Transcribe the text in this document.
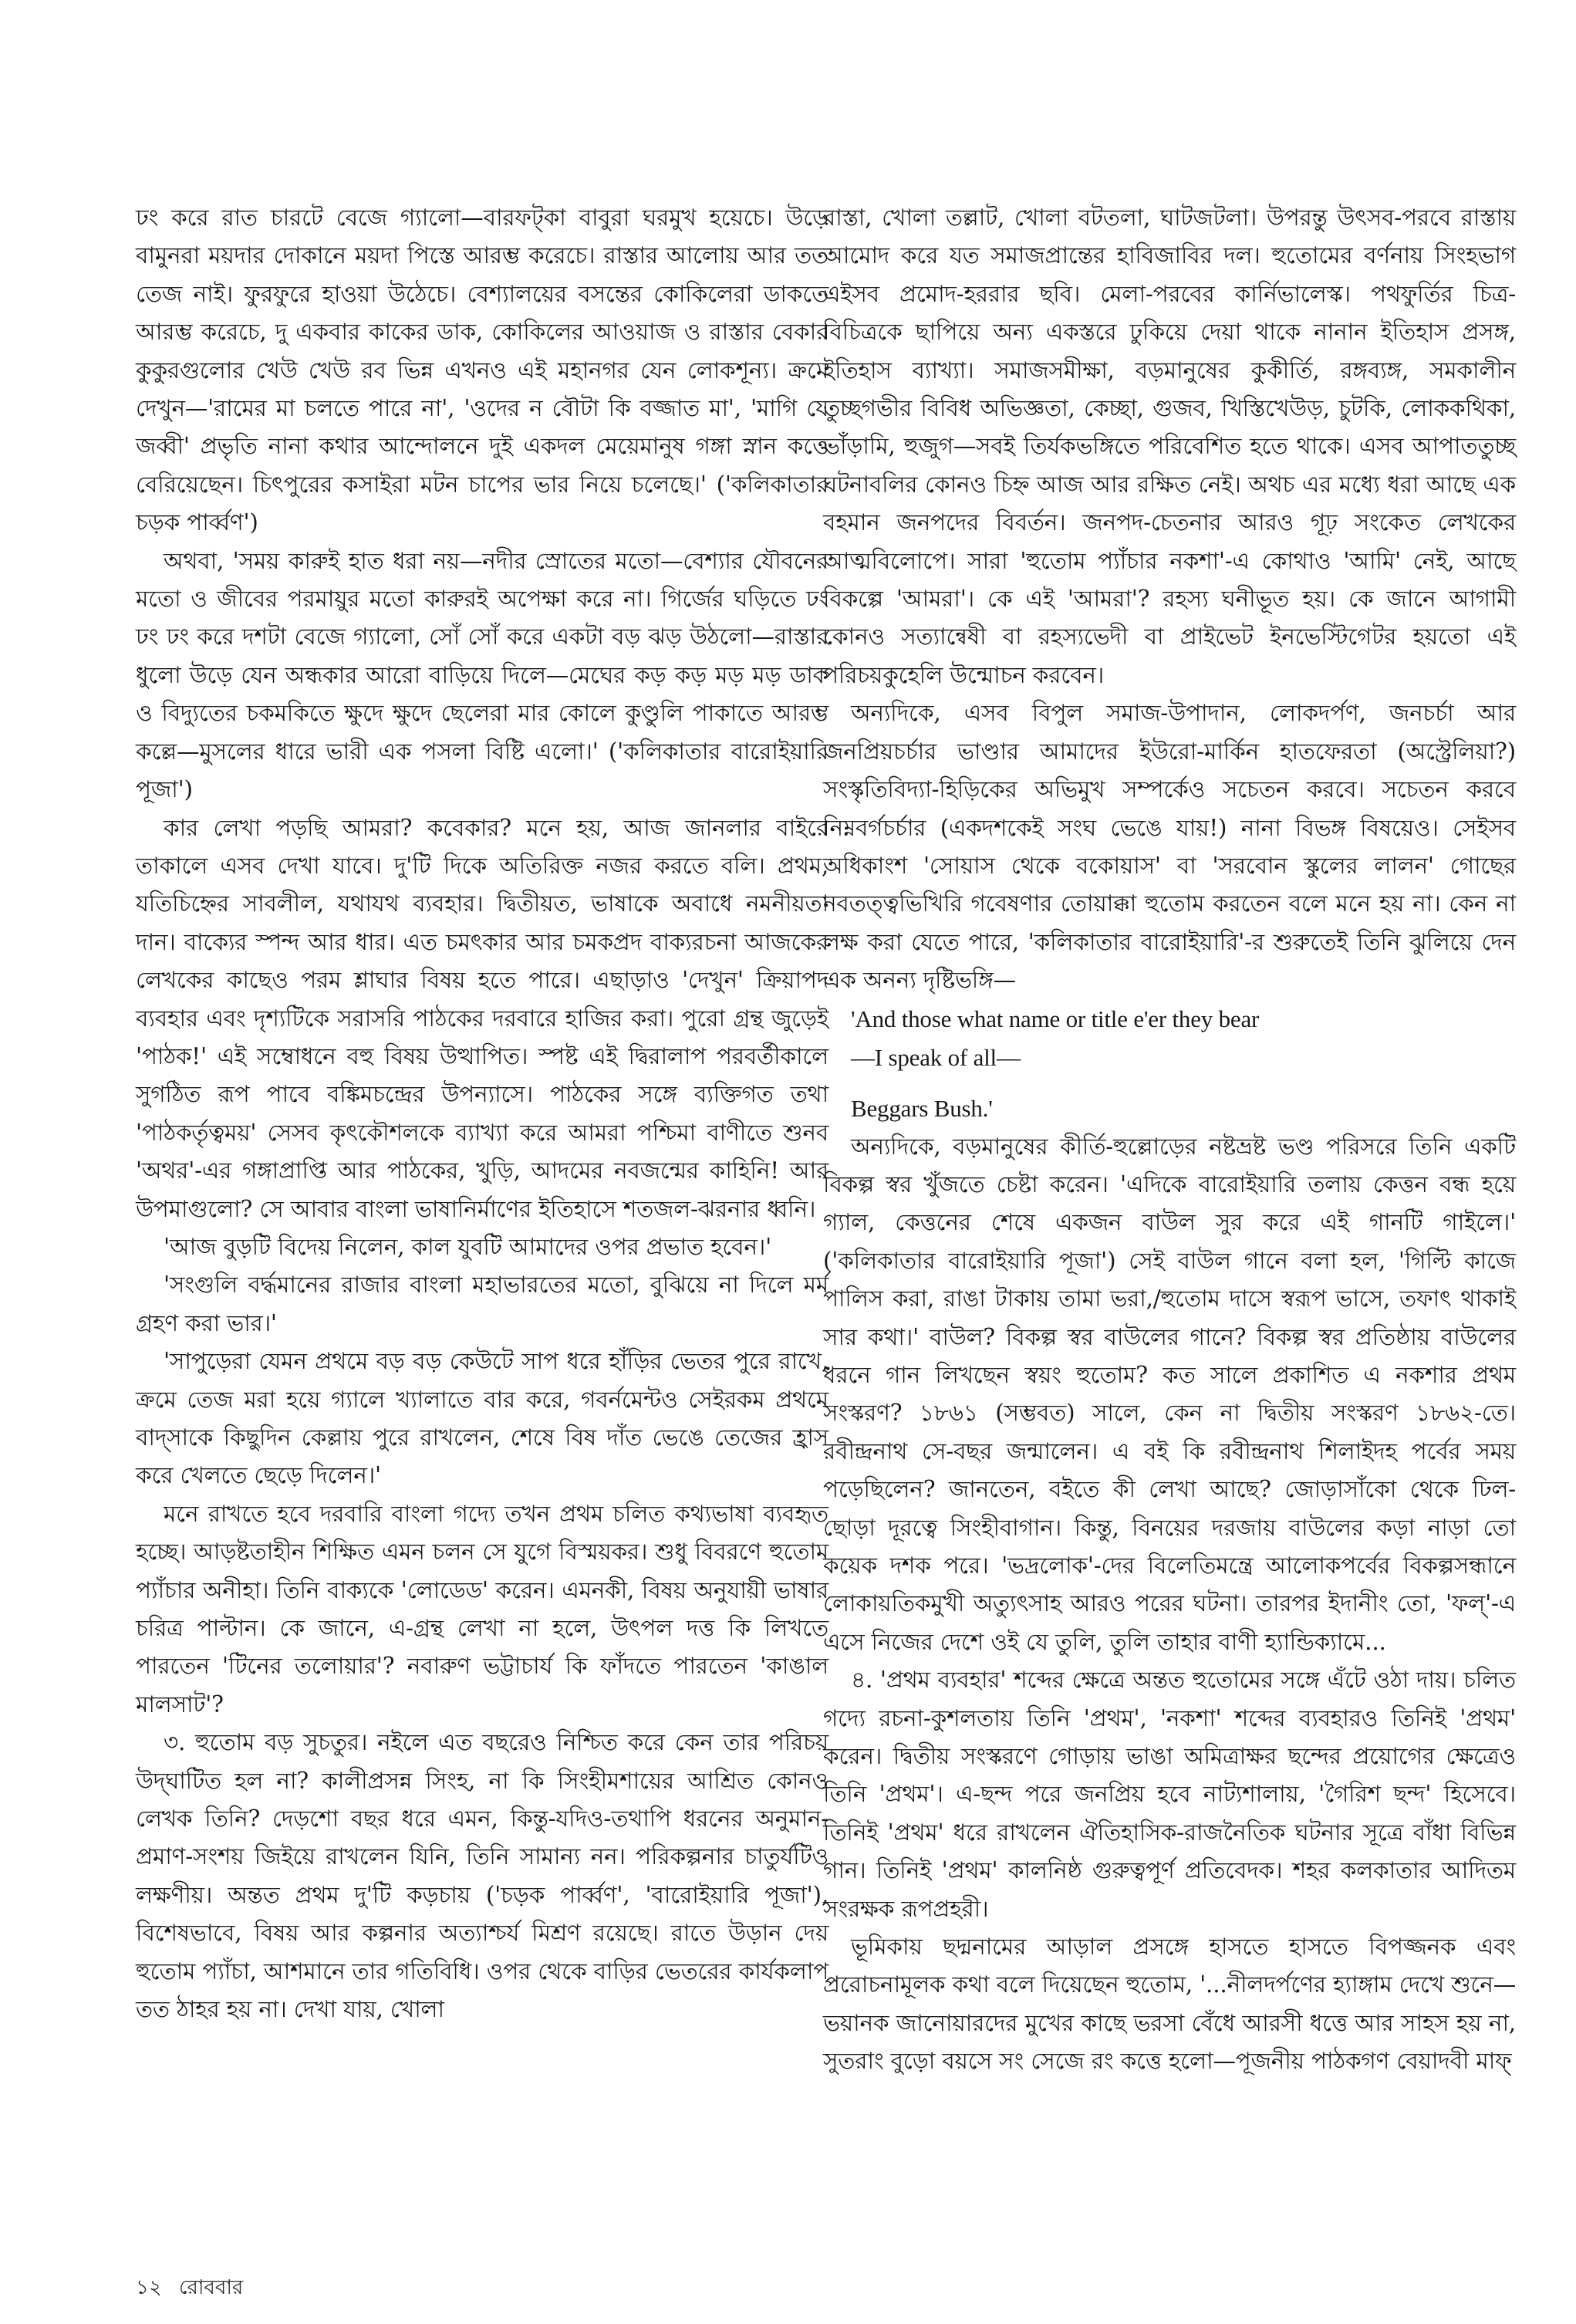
ঢং করে রাত চারটে বেজে গ্যালো—বারফট্কা বাবুরা ঘরমুখ হয়েচে। উড়ে বামুনরা ময়দার দোকানে ময়দা পিস্তে আরম্ভ করেচে। রাস্তার আলোয় আর তত তেজ নাই। ফুরফুরে হাওয়া উঠেচে। বেশ্যালয়ের বসন্তের কোকিলেরা ডাকতে আরম্ভ করেচে, দু একবার কাকের ডাক, কোকিলের আওয়াজ ও রাস্তার বেকার কুকুরগুলোর খেউ খেউ রব ভিন্ন এখনও এই মহানগর যেন লোকশূন্য। ক্রমে দেখুন—'রামের মা চলতে পারে না', 'ওদের ন বৌটা কি বজ্জাত মা', 'মাগি যে জব্বী' প্রভৃতি নানা কথার আন্দোলনে দুই একদল মেয়েমানুষ গঙ্গা স্নান কত্তে বেরিয়েছেন। চিৎপুরের কসাইরা মটন চাপের ভার নিয়ে চলেছে।' ('কলিকাতার চড়ক পার্ব্বণ')

অথবা, 'সময় কারুই হাত ধরা নয়—নদীর স্রোতের মতো—বেশ্যার যৌবনের মতো ও জীবের পরমায়ুর মতো কারুরই অপেক্ষা করে না। গির্জের ঘড়িতে ঢং ঢং ঢং করে দশটা বেজে গ্যালো, সোঁ সোঁ করে একটা বড় ঝড় উঠলো—রাস্তার ধুলো উড়ে যেন অন্ধকার আরো বাড়িয়ে দিলে—মেঘের কড় কড় মড় মড় ডাক ও বিদ্যুতের চকমকিতে ক্ষুদে ক্ষুদে ছেলেরা মার কোলে কুণ্ডুলি পাকাতে আরম্ভ কল্লে—মুসলের ধারে ভারী এক পসলা বিষ্টি এলো।' ('কলিকাতার বারোইয়ারি পূজা')

কার লেখা পড়ছি আমরা? কবেকার? মনে হয়, আজ জানলার বাইরে তাকালে এসব দেখা যাবে। দু'টি দিকে অতিরিক্ত নজর করতে বলি। প্রথম, যতিচিহ্নের সাবলীল, যথাযথ ব্যবহার। দ্বিতীয়ত, ভাষাকে অবাধে নমনীয়তা দান। বাক্যের স্পন্দ আর ধার। এত চমৎকার আর চমকপ্রদ বাক্যরচনা আজকের লেখকের কাছেও পরম শ্লাঘার বিষয় হতে পারে। এছাড়াও 'দেখুন' ক্রিয়াপদ ব্যবহার এবং দৃশ্যটিকে সরাসরি পাঠকের দরবারে হাজির করা। পুরো গ্রন্থ জুড়েই 'পাঠক!' এই সম্বোধনে বহু বিষয় উত্থাপিত। স্পষ্ট এই দ্বিরালাপ পরবর্তীকালে সুগঠিত রূপ পাবে বঙ্কিমচন্দ্রের উপন্যাসে। পাঠকের সঙ্গে ব্যক্তিগত তথা 'পাঠকর্তৃত্বময়' সেসব কৃৎকৌশলকে ব্যাখ্যা করে আমরা পশ্চিমা বাণীতে শুনব 'অথর'-এর গঙ্গাপ্রাপ্তি আর পাঠকের, খুড়ি, আদমের নবজন্মের কাহিনি! আর উপমাগুলো? সে আবার বাংলা ভাষানির্মাণের ইতিহাসে শতজল-ঝরনার ধ্বনি।

'আজ বুড়টি বিদেয় নিলেন, কাল যুবটি আমাদের ওপর প্রভাত হবেন।'

'সংগুলি বর্দ্ধমানের রাজার বাংলা মহাভারতের মতো, বুঝিয়ে না দিলে মর্ম গ্রহণ করা ভার।'

'সাপুড়েরা যেমন প্রথমে বড় বড় কেউটে সাপ ধরে হাঁড়ির ভেতর পুরে রাখে, ক্রমে তেজ মরা হয়ে গ্যালে খ্যালাতে বার করে, গবর্নমেন্টও সেইরকম প্রথমে বাদ্সাকে কিছুদিন কেল্লায় পুরে রাখলেন, শেষে বিষ দাঁত ভেঙে তেজের হ্রাস করে খেলতে ছেড়ে দিলেন।'

মনে রাখতে হবে দরবারি বাংলা গদ্যে তখন প্রথম চলিত কথ্যভাষা ব্যবহৃত হচ্ছে। আড়ষ্টতাহীন শিক্ষিত এমন চলন সে যুগে বিস্ময়কর। শুধু বিবরণে হুতোম প্যাঁচার অনীহা। তিনি বাক্যকে 'লোডেড' করেন। এমনকী, বিষয় অনুযায়ী ভাষার চরিত্র পাল্টান। কে জানে, এ-গ্রন্থ লেখা না হলে, উৎপল দত্ত কি লিখতে পারতেন 'টিনের তলোয়ার'? নবারুণ ভট্টাচার্য কি ফাঁদতে পারতেন 'কাঙাল মালসাট'?

৩. হুতোম বড় সুচতুর। নইলে এত বছরেও নিশ্চিত করে কেন তার পরিচয় উদ্‌ঘাটিত হল না? কালীপ্রসন্ন সিংহ, না কি সিংহীমশায়ের আশ্রিত কোনও লেখক তিনি? দেড়শো বছর ধরে এমন, কিন্তু-যদিও-তথাপি ধরনের অনুমান-প্রমাণ-সংশয় জিইয়ে রাখলেন যিনি, তিনি সামান্য নন। পরিকল্পনার চাতুর্যটিও লক্ষণীয়। অন্তত প্রথম দু'টি কড়চায় ('চড়ক পার্ব্বণ', 'বারোইয়ারি পূজা'), বিশেষভাবে, বিষয় আর কল্পনার অত্যাশ্চর্য মিশ্রণ রয়েছে। রাতে উড়ান দেয় হুতোম প্যাঁচা, আশমানে তার গতিবিধি। ওপর থেকে বাড়ির ভেতরের কার্যকলাপ তত ঠাহর হয় না। দেখা যায়, খোলা

রাস্তা, খোলা তল্লাট, খোলা বটতলা, ঘাটজটলা। উপরন্তু উৎসব-পরবে রাস্তায় আমোদ করে যত সমাজপ্রান্তের হাবিজাবির দল। হুতোমের বর্ণনায় সিংহভাগ এইসব প্রমোদ-হররার ছবি। মেলা-পরবের কার্নিভালেস্ক। পথফুর্তির চিত্র-বিচিত্রকে ছাপিয়ে অন্য একস্তরে ঢুকিয়ে দেয়া থাকে নানান ইতিহাস প্রসঙ্গ, ইতিহাস ব্যাখ্যা। সমাজসমীক্ষা, বড়মানুষের কুকীর্তি, রঙ্গব্যঙ্গ, সমকালীন তুচ্ছগভীর বিবিধ অভিজ্ঞতা, কেচ্ছা, গুজব, খিস্তিখেউড়, চুটকি, লোককথিকা, ভাঁড়ামি, হুজুগ—সবই তির্যকভঙ্গিতে পরিবেশিত হতে থাকে। এসব আপাততুচ্ছ ঘটনাবলির কোনও চিহ্ন আজ আর রক্ষিত নেই। অথচ এর মধ্যে ধরা আছে এক বহমান জনপদের বিবর্তন। জনপদ-চেতনার আরও গূঢ় সংকেত লেখকের আত্মবিলোপে। সারা 'হুতোম প্যাঁচার নকশা'-এ কোথাও 'আমি' নেই, আছে বিকল্পে 'আমরা'। কে এই 'আমরা'? রহস্য ঘনীভূত হয়। কে জানে আগামী কোনও সত্যান্বেষী বা রহস্যভেদী বা প্রাইভেট ইনভেস্টিগেটর হয়তো এই পরিচয়কুহেলি উন্মোচন করবেন।

অন্যদিকে, এসব বিপুল সমাজ-উপাদান, লোকদর্পণ, জনচর্চা আর জনপ্রিয়চর্চার ভাণ্ডার আমাদের ইউরো-মার্কিন হাতফেরতা (অস্ট্রেলিয়া?) সংস্কৃতিবিদ্যা-হিড়িকের অভিমুখ সম্পর্কেও সচেতন করবে। সচেতন করবে নিম্নবর্গচর্চার (একদশকেই সংঘ ভেঙে যায়!) নানা বিভঙ্গ বিষয়েও। সেইসব অধিকাংশ 'সোয়াস থেকে বকোয়াস' বা 'সরবোন স্কুলের লালন' গোছের নবতত্ত্বভিখিরি গবেষণার তোয়াক্কা হুতোম করতেন বলে মনে হয় না। কেন না লক্ষ করা যেতে পারে, 'কলিকাতার বারোইয়ারি'-র শুরুতেই তিনি ঝুলিয়ে দেন এক অনন্য দৃষ্টিভঙ্গি—

'And those what name or title e'er they bear

—I speak of all—

Beggars Bush.'

অন্যদিকে, বড়মানুষের কীর্তি-হুল্লোড়ের নষ্টভ্রষ্ট ভণ্ড পরিসরে তিনি একটি বিকল্প স্বর খুঁজতে চেষ্টা করেন। 'এদিকে বারোইয়ারি তলায় কেত্তন বন্ধ হয়ে গ্যাল, কেত্তনের শেষে একজন বাউল সুর করে এই গানটি গাইলে।' ('কলিকাতার বারোইয়ারি পূজা') সেই বাউল গানে বলা হল, 'গিল্টি কাজে পালিস করা, রাঙা টাকায় তামা ভরা,/হুতোম দাসে স্বরূপ ভাসে, তফাৎ থাকাই সার কথা।' বাউল? বিকল্প স্বর বাউলের গানে? বিকল্প স্বর প্রতিষ্ঠায় বাউলের ধরনে গান লিখছেন স্বয়ং হুতোম? কত সালে প্রকাশিত এ নকশার প্রথম সংস্করণ? ১৮৬১ (সম্ভবত) সালে, কেন না দ্বিতীয় সংস্করণ ১৮৬২-তে। রবীন্দ্রনাথ সে-বছর জন্মালেন। এ বই কি রবীন্দ্রনাথ শিলাইদহ পর্বের সময় পড়েছিলেন? জানতেন, বইতে কী লেখা আছে? জোড়াসাঁকো থেকে ঢিল-ছোড়া দূরত্বে সিংহীবাগান। কিন্তু, বিনয়ের দরজায় বাউলের কড়া নাড়া তো কয়েক দশক পরে। 'ভদ্রলোক'-দের বিলেতিমন্ত্রে আলোকপর্বের বিকল্পসন্ধানে লোকায়তিকমুখী অত্যুৎসাহ আরও পরের ঘটনা। তারপর ইদানীং তো, 'ফল্'-এ এসে নিজের দেশে ওই যে তুলি, তুলি তাহার বাণী হ্যান্ডিক্যামে...

৪. 'প্রথম ব্যবহার' শব্দের ক্ষেত্রে অন্তত হুতোমের সঙ্গে এঁটে ওঠা দায়। চলিত গদ্যে রচনা-কুশলতায় তিনি 'প্রথম', 'নকশা' শব্দের ব্যবহারও তিনিই 'প্রথম' করেন। দ্বিতীয় সংস্করণে গোড়ায় ভাঙা অমিত্রাক্ষর ছন্দের প্রয়োগের ক্ষেত্রেও তিনি 'প্রথম'। এ-ছন্দ পরে জনপ্রিয় হবে নাট্যশালায়, 'গৈরিশ ছন্দ' হিসেবে। তিনিই 'প্রথম' ধরে রাখলেন ঐতিহাসিক-রাজনৈতিক ঘটনার সূত্রে বাঁধা বিভিন্ন গান। তিনিই 'প্রথম' কালনিষ্ঠ গুরুত্বপূর্ণ প্রতিবেদক। শহর কলকাতার আদিতম সংরক্ষক রূপপ্রহরী।

ভূমিকায় ছদ্মনামের আড়াল প্রসঙ্গে হাসতে হাসতে বিপজ্জনক এবং প্ররোচনামূলক কথা বলে দিয়েছেন হুতোম, '...নীলদর্পণের হ্যাঙ্গাম দেখে শুনে—ভয়ানক জানোয়ারদের মুখের কাছে ভরসা বেঁধে আরসী ধত্তে আর সাহস হয় না, সুতরাং বুড়ো বয়সে সং সেজে রং কত্তে হলো—পূজনীয় পাঠকগণ বেয়াদবী মাফ্

১২ রোববার
